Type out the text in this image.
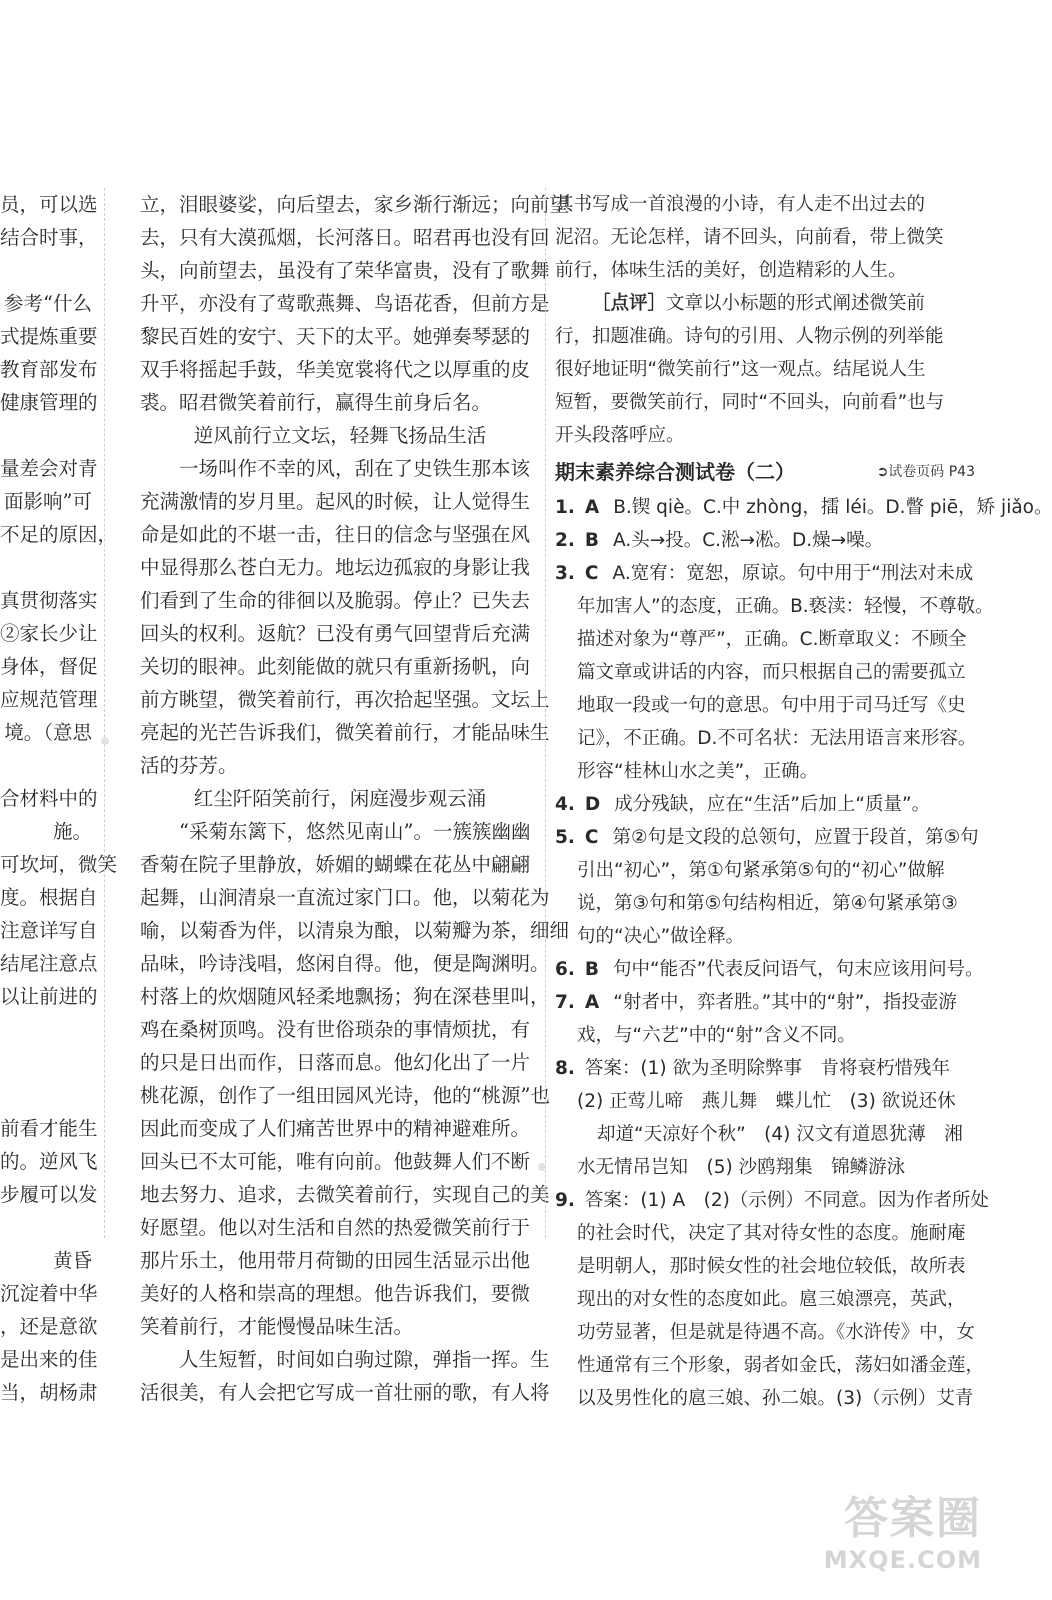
员，可以选

结合时事，

参考“什么

式提炼重要

教育部发布

健康管理的

量差会对青

面影响”可

不足的原因，

真贯彻落实

②家长少让

身体，督促

应规范管理

境。（意思

合材料中的

施。

可坎坷，微笑

度。根据自

注意详写自

结尾注意点

以让前进的

前看才能生

的。逆风飞

步履可以发

黄昏

沉淀着中华

，还是意欲

是出来的佳

当，胡杨肃

立，泪眼婆娑，向后望去，家乡渐行渐远；向前望

去，只有大漠孤烟，长河落日。昭君再也没有回

头，向前望去，虽没有了荣华富贵，没有了歌舞

升平，亦没有了莺歌燕舞、鸟语花香，但前方是

黎民百姓的安宁、天下的太平。她弹奏琴瑟的

双手将摇起手鼓，华美宽裳将代之以厚重的皮

裘。昭君微笑着前行，赢得生前身后名。

逆风前行立文坛，轻舞飞扬品生活

一场叫作不幸的风，刮在了史铁生那本该

充满激情的岁月里。起风的时候，让人觉得生

命是如此的不堪一击，往日的信念与坚强在风

中显得那么苍白无力。地坛边孤寂的身影让我

们看到了生命的徘徊以及脆弱。停止？已失去

回头的权利。返航？已没有勇气回望背后充满

关切的眼神。此刻能做的就只有重新扬帆，向

前方眺望，微笑着前行，再次拾起坚强。文坛上

亮起的光芒告诉我们，微笑着前行，才能品味生

活的芬芳。

红尘阡陌笑前行，闲庭漫步观云涌

“采菊东篱下，悠然见南山”。一簇簇幽幽

香菊在院子里静放，娇媚的蝴蝶在花丛中翩翩

起舞，山涧清泉一直流过家门口。他，以菊花为

喻，以菊香为伴，以清泉为酿，以菊瓣为茶，细细

品味，吟诗浅唱，悠闲自得。他，便是陶渊明。

村落上的炊烟随风轻柔地飘扬；狗在深巷里叫，

鸡在桑树顶鸣。没有世俗琐杂的事情烦扰，有

的只是日出而作，日落而息。他幻化出了一片

桃花源，创作了一组田园风光诗，他的“桃源”也

因此而变成了人们痛苦世界中的精神避难所。

回头已不太可能，唯有向前。他鼓舞人们不断

地去努力、追求，去微笑着前行，实现自己的美

好愿望。他以对生活和自然的热爱微笑前行于

那片乐土，他用带月荷锄的田园生活显示出他

美好的人格和崇高的理想。他告诉我们，要微

笑着前行，才能慢慢品味生活。

人生短暂，时间如白驹过隙，弹指一挥。生

活很美，有人会把它写成一首壮丽的歌，有人将

其书写成一首浪漫的小诗，有人走不出过去的

泥沼。无论怎样，请不回头，向前看，带上微笑

前行，体味生活的美好，创造精彩的人生。

［点评］文章以小标题的形式阐述微笑前

行，扣题准确。诗句的引用、人物示例的列举能

很好地证明“微笑前行”这一观点。结尾说人生

短暂，要微笑前行，同时“不回头，向前看”也与

开头段落呼应。

期末素养综合测试卷（二）	➲试卷页码 P43

1. A B.锲 qiè。C.中 zhòng，擂 léi。D.瞥 piē，矫 jiǎo。

2. B A.头→投。C.淞→凇。D.燥→噪。

3. C A.宽宥：宽恕，原谅。句中用于“刑法对未成

年加害人”的态度，正确。B.亵渎：轻慢，不尊敬。

描述对象为“尊严”，正确。C.断章取义：不顾全

篇文章或讲话的内容，而只根据自己的需要孤立

地取一段或一句的意思。句中用于司马迁写《史

记》，不正确。D.不可名状：无法用语言来形容。

形容“桂林山水之美”，正确。

4. D 成分残缺，应在“生活”后加上“质量”。

5. C 第②句是文段的总领句，应置于段首，第⑤句

引出“初心”，第①句紧承第⑤句的“初心”做解

说，第③句和第⑤句结构相近，第④句紧承第③

句的“决心”做诠释。

6. B 句中“能否”代表反问语气，句末应该用问号。

7. A “射者中，弈者胜。”其中的“射”，指投壶游

戏，与“六艺”中的“射”含义不同。

8. 答案：(1) 欲为圣明除弊事　肯将衰朽惜残年

(2) 正莺儿啼　燕儿舞　蝶儿忙　(3) 欲说还休

却道“天凉好个秋”　(4) 汉文有道恩犹薄　湘

水无情吊岂知　(5) 沙鸥翔集　锦鳞游泳

9. 答案：(1) A　(2)（示例）不同意。因为作者所处

的社会时代，决定了其对待女性的态度。施耐庵

是明朝人，那时候女性的社会地位较低，故所表

现出的对女性的态度如此。扈三娘漂亮，英武，

功劳显著，但是就是待遇不高。《水浒传》中，女

性通常有三个形象，弱者如金氏，荡妇如潘金莲，

以及男性化的扈三娘、孙二娘。(3)（示例）艾青

答案圈
MXQE.COM
